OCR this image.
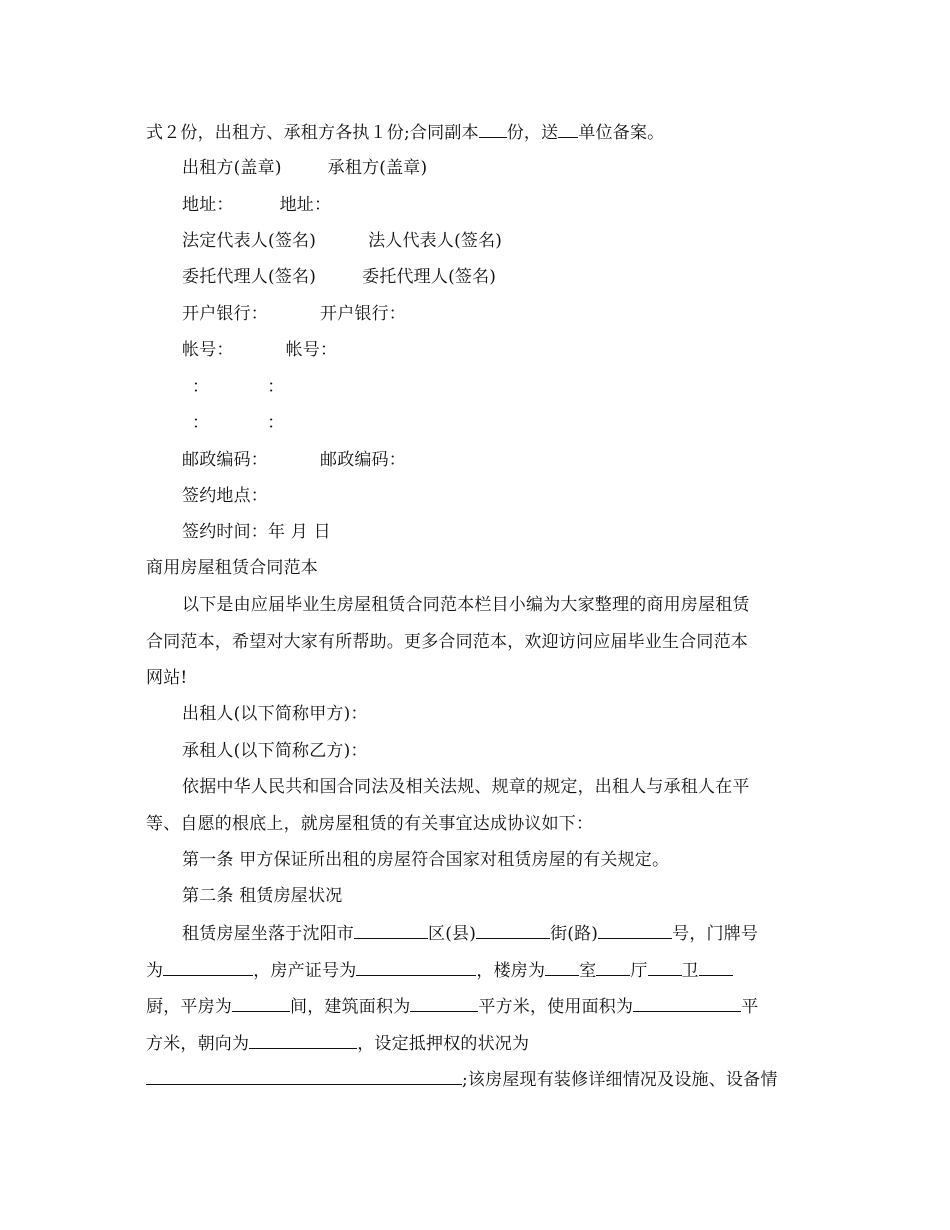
式２份，出租方、承租方各执１份;合同副本 份，送 单位备案。
出租方(盖章)	承租方(盖章)
地址：	地址：
法定代表人(签名)	法人代表人(签名)
委托代理人(签名)	委托代理人(签名)
开户银行：	开户银行：
帐号：	帐号：
：	：
：	：
邮政编码：	邮政编码：
签约地点：
签约时间：年 月 日
商用房屋租赁合同范本
以下是由应届毕业生房屋租赁合同范本栏目小编为大家整理的商用房屋租赁
合同范本，希望对大家有所帮助。更多合同范本，欢迎访问应届毕业生合同范本
网站!
出租人(以下简称甲方)：
承租人(以下简称乙方)：
依据中华人民共和国合同法及相关法规、规章的规定，出租人与承租人在平
等、自愿的根底上，就房屋租赁的有关事宜达成协议如下：
第一条 甲方保证所出租的房屋符合国家对租赁房屋的有关规定。
第二条 租赁房屋状况
租赁房屋坐落于沈阳市	区(县)	街(路)	号，门牌号
为	，房产证号为	，楼房为 室 厅 卫
厨，平房为	间，建筑面积为	平方米，使用面积为	平
方米，朝向为	，设定抵押权的状况为
;该房屋现有装修详细情况及设施、设备情
